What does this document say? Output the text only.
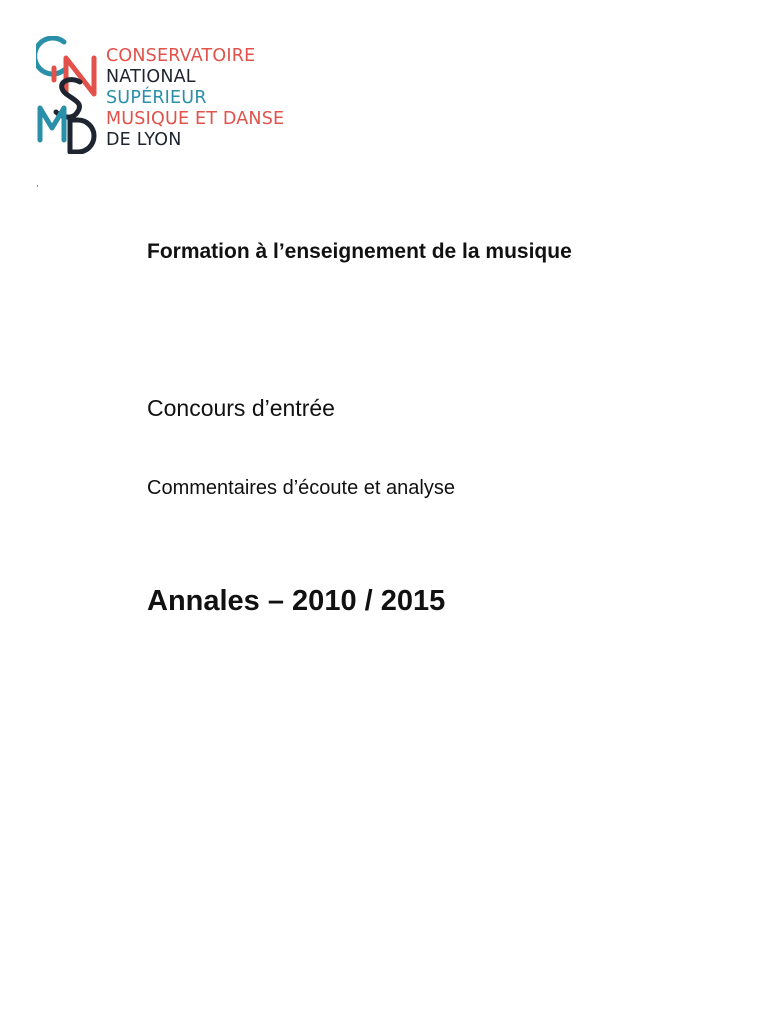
CONSERVATOIRE
NATIONAL
SUPÉRIEUR
MUSIQUE ET DANSE
DE LYON
Formation à l’enseignement de la musique
Concours d’entrée
Commentaires d’écoute et analyse
Annales – 2010 / 2015
